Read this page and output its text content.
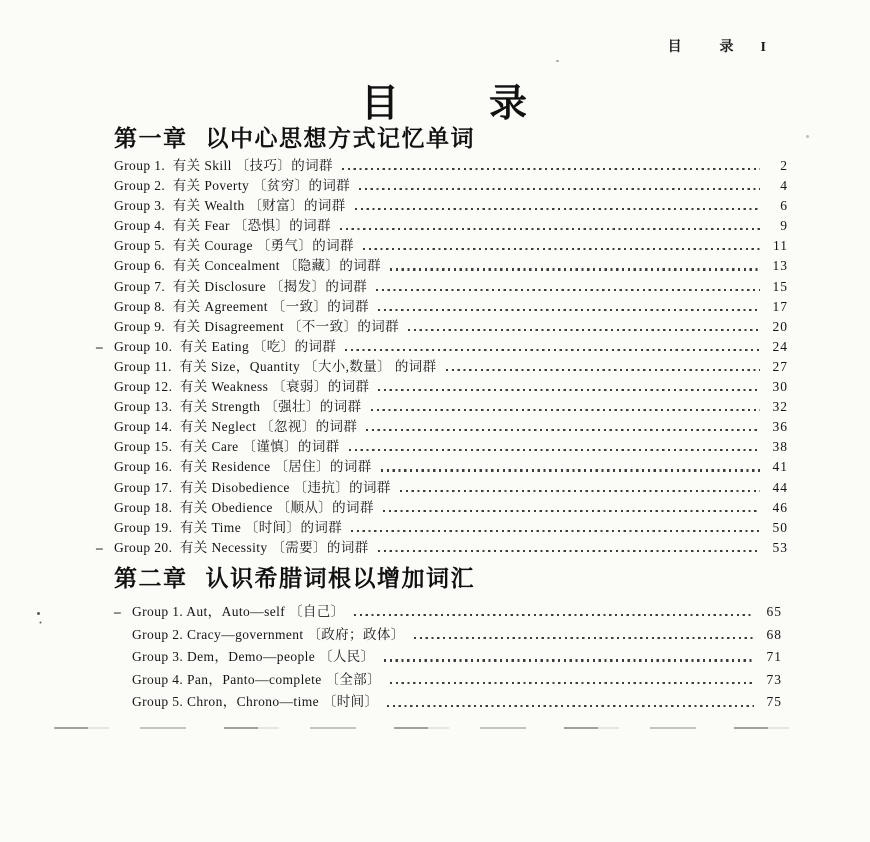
目 录 I
目 录
第一章 以中心思想方式记忆单词
Group 1.  有关 Skill 〔技巧〕的词群	2
Group 2.  有关 Poverty 〔贫穷〕的词群	4
Group 3.  有关 Wealth 〔财富〕的词群	6
Group 4.  有关 Fear 〔恐惧〕的词群	9
Group 5.  有关 Courage 〔勇气〕的词群	11
Group 6.  有关 Concealment 〔隐藏〕的词群	13
Group 7.  有关 Disclosure 〔揭发〕的词群	15
Group 8.  有关 Agreement 〔一致〕的词群	17
Group 9.  有关 Disagreement 〔不一致〕的词群	20
– Group 10.  有关 Eating 〔吃〕的词群	24
Group 11.  有关 Size，Quantity 〔大小,数量〕 的词群	27
Group 12.  有关 Weakness 〔衰弱〕的词群	30
Group 13.  有关 Strength 〔强壮〕的词群	32
Group 14.  有关 Neglect 〔忽视〕的词群	36
Group 15.  有关 Care 〔谨慎〕的词群	38
Group 16.  有关 Residence 〔居住〕的词群	41
Group 17.  有关 Disobedience 〔违抗〕的词群	44
Group 18.  有关 Obedience 〔顺从〕的词群	46
Group 19.  有关 Time 〔时间〕的词群	50
– Group 20.  有关 Necessity 〔需要〕的词群	53
第二章 认识希腊词根以增加词汇
– Group 1. Aut，Auto—self 〔自己〕	65
Group 2. Cracy—government 〔政府；政体〕	68
Group 3. Dem，Demo—people 〔人民〕	71
Group 4. Pan，Panto—complete 〔全部〕	73
Group 5. Chron，Chrono—time 〔时间〕	75
